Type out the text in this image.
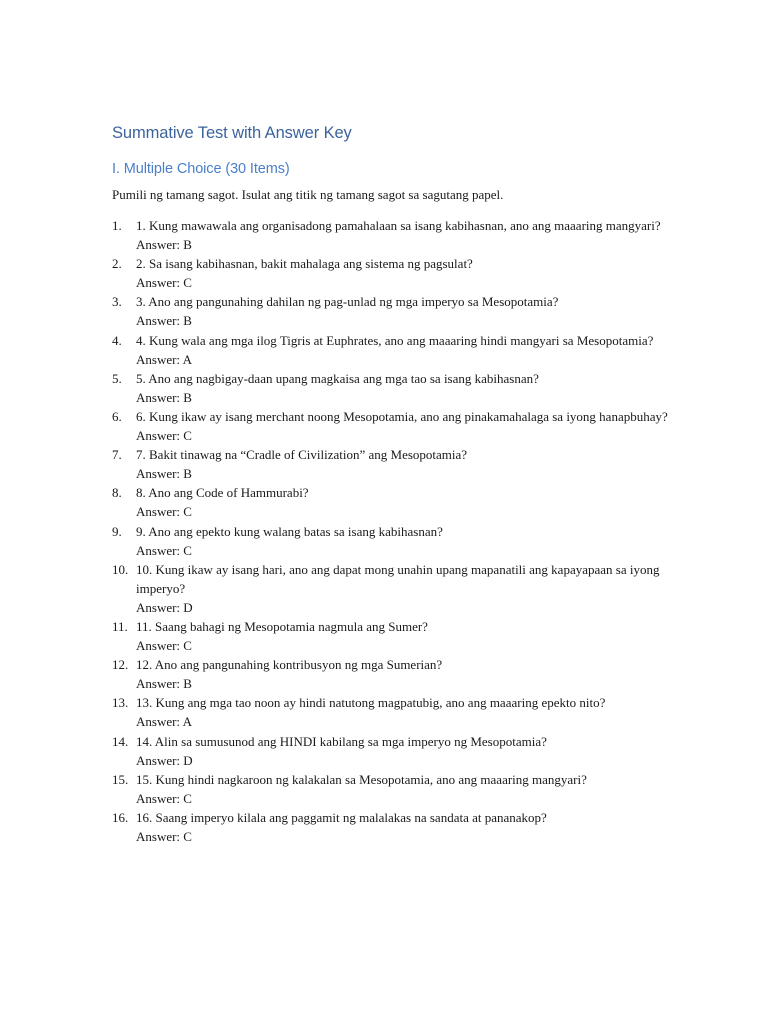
Summative Test with Answer Key
I. Multiple Choice (30 Items)

Pumili ng tamang sagot. Isulat ang titik ng tamang sagot sa sagutang papel.

1. 1. Kung mawawala ang organisadong pamahalaan sa isang kabihasnan, ano ang maaaring mangyari?
Answer: B
2. 2. Sa isang kabihasnan, bakit mahalaga ang sistema ng pagsulat?
Answer: C
3. 3. Ano ang pangunahing dahilan ng pag-unlad ng mga imperyo sa Mesopotamia?
Answer: B
4. 4. Kung wala ang mga ilog Tigris at Euphrates, ano ang maaaring hindi mangyari sa Mesopotamia?
Answer: A
5. 5. Ano ang nagbigay-daan upang magkaisa ang mga tao sa isang kabihasnan?
Answer: B
6. 6. Kung ikaw ay isang merchant noong Mesopotamia, ano ang pinakamahalaga sa iyong hanapbuhay?
Answer: C
7. 7. Bakit tinawag na “Cradle of Civilization” ang Mesopotamia?
Answer: B
8. 8. Ano ang Code of Hammurabi?
Answer: C
9. 9. Ano ang epekto kung walang batas sa isang kabihasnan?
Answer: C
10. 10. Kung ikaw ay isang hari, ano ang dapat mong unahin upang mapanatili ang kapayapaan sa iyong imperyo?
Answer: D
11. 11. Saang bahagi ng Mesopotamia nagmula ang Sumer?
Answer: C
12. 12. Ano ang pangunahing kontribusyon ng mga Sumerian?
Answer: B
13. 13. Kung ang mga tao noon ay hindi natutong magpatubig, ano ang maaaring epekto nito?
Answer: A
14. 14. Alin sa sumusunod ang HINDI kabilang sa mga imperyo ng Mesopotamia?
Answer: D
15. 15. Kung hindi nagkaroon ng kalakalan sa Mesopotamia, ano ang maaaring mangyari?
Answer: C
16. 16. Saang imperyo kilala ang paggamit ng malalakas na sandata at pananakop?
Answer: C
